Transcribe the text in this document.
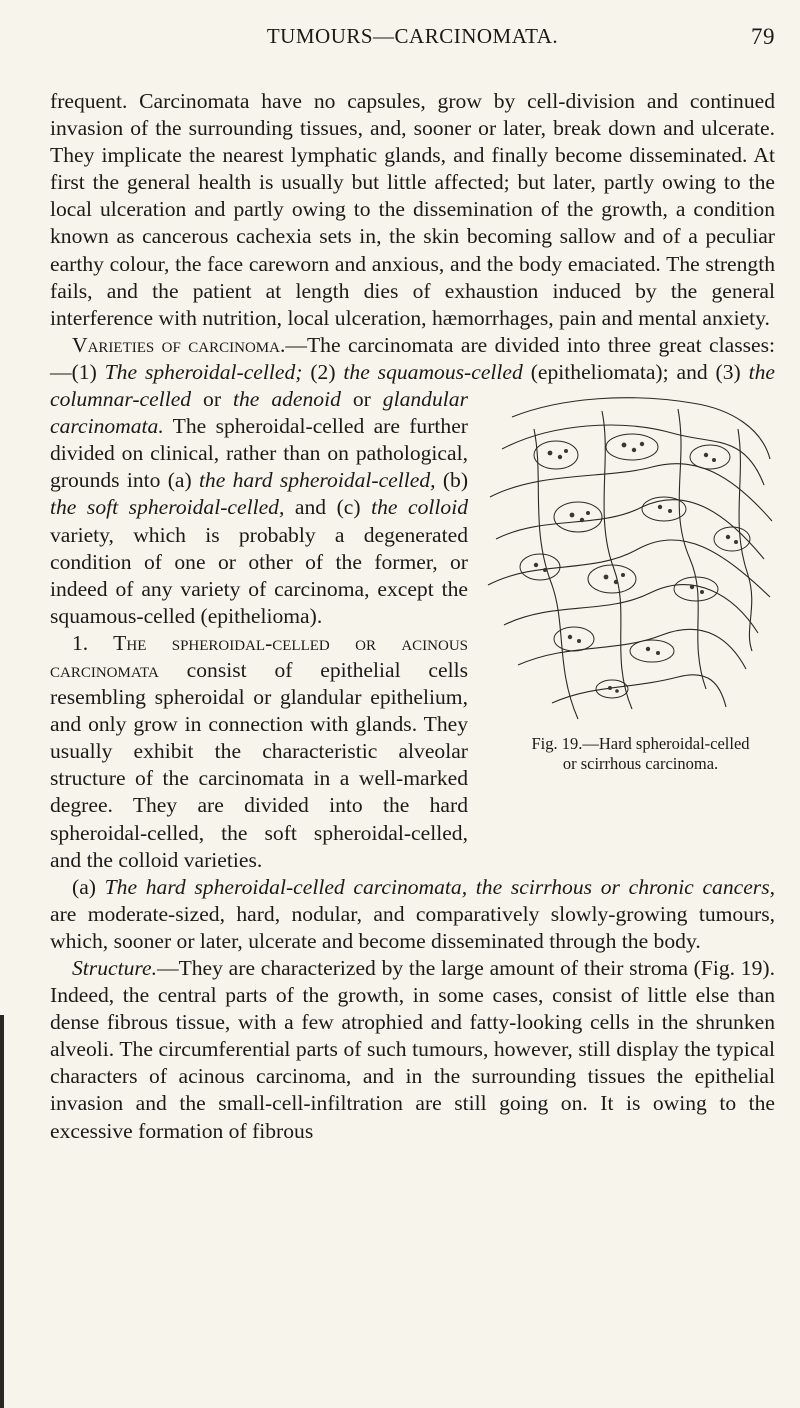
TUMOURS—CARCINOMATA.	79

frequent. Carcinomata have no capsules, grow by cell-division and continued invasion of the surrounding tissues, and, sooner or later, break down and ulcerate. They implicate the nearest lymphatic glands, and finally become disseminated. At first the general health is usually but little affected; but later, partly owing to the local ulceration and partly owing to the dissemination of the growth, a condition known as cancerous cachexia sets in, the skin becoming sallow and of a peculiar earthy colour, the face careworn and anxious, and the body emaciated. The strength fails, and the patient at length dies of exhaustion induced by the general interference with nutrition, local ulceration, hæmorrhages, pain and mental anxiety.

Varieties of carcinoma.—The carcinomata are divided into three great classes:—(1) The spheroidal-celled; (2) the squamous-celled (epitheliomata); and (3) the columnar-celled or the adenoid or
Fig. 19.—Hard spheroidal-celled
or scirrhous carcinoma.
glandular carcinomata. The spheroidal-celled are further divided on clinical, rather than on pathological, grounds into (a) the hard spheroidal-celled, (b) the soft spheroidal-celled, and (c) the colloid variety, which is probably a degenerated condition of one or other of the former, or indeed of any variety of carcinoma, except the squamous-celled (epithelioma).

1. The spheroidal-celled or acinous carcinomata consist of epithelial cells resembling spheroidal or glandular epithelium, and only grow in connection with glands. They usually exhibit the characteristic alveolar structure of the carcinomata in a well-marked degree. They are divided into the hard spheroidal-celled, the soft spheroidal-celled, and the colloid varieties.

(a) The hard spheroidal-celled carcinomata, the scirrhous or chronic cancers, are moderate-sized, hard, nodular, and comparatively slowly-growing tumours, which, sooner or later, ulcerate and become disseminated through the body.

Structure.—They are characterized by the large amount of their stroma (Fig. 19). Indeed, the central parts of the growth, in some cases, consist of little else than dense fibrous tissue, with a few atrophied and fatty-looking cells in the shrunken alveoli. The circumferential parts of such tumours, however, still display the typical characters of acinous carcinoma, and in the surrounding tissues the epithelial invasion and the small-cell-infiltration are still going on. It is owing to the excessive formation of fibrous
